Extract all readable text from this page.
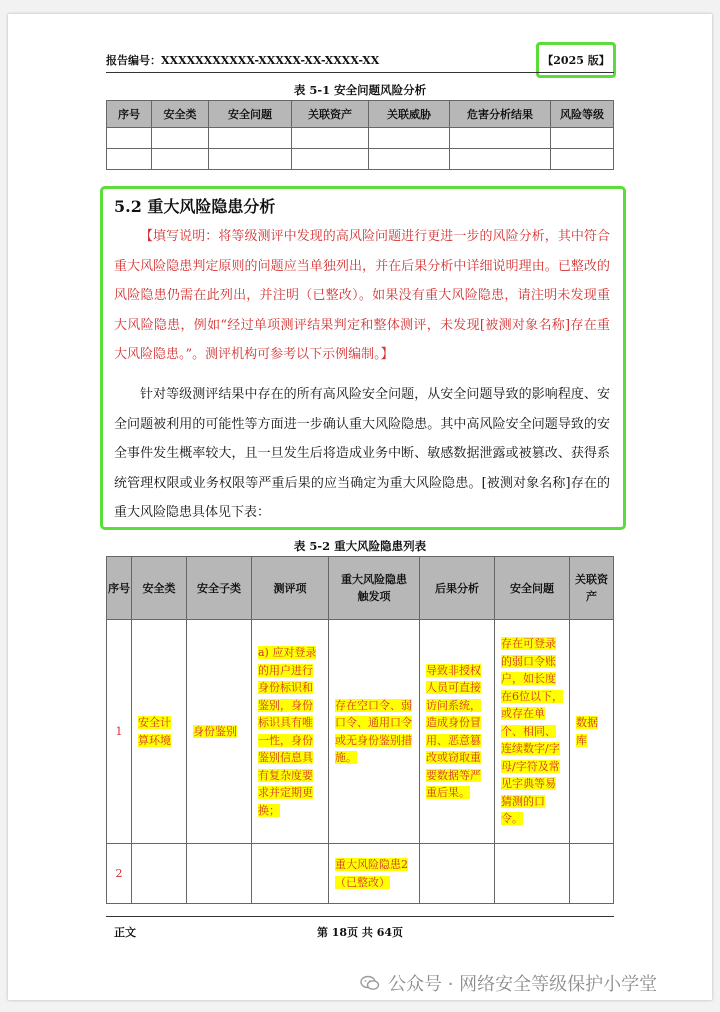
报告编号：XXXXXXXXXXX-XXXXX-XX-XXXX-XX	【2025 版】
表 5-1 安全问题风险分析
序号	安全类	安全问题	关联资产	关联威胁	危害分析结果	风险等级

5.2 重大风险隐患分析
【填写说明：将等级测评中发现的高风险问题进行更进一步的风险分析，其中符合重大风险隐患判定原则的问题应当单独列出，并在后果分析中详细说明理由。已整改的风险隐患仍需在此列出，并注明（已整改）。如果没有重大风险隐患，请注明未发现重大风险隐患，例如“经过单项测评结果判定和整体测评，未发现[被测对象名称]存在重大风险隐患。”。测评机构可参考以下示例编制。】
针对等级测评结果中存在的所有高风险安全问题，从安全问题导致的影响程度、安全问题被利用的可能性等方面进一步确认重大风险隐患。其中高风险安全问题导致的安全事件发生概率较大，且一旦发生后将造成业务中断、敏感数据泄露或被篡改、获得系统管理权限或业务权限等严重后果的应当确定为重大风险隐患。[被测对象名称]存在的重大风险隐患具体见下表：
表 5-2 重大风险隐患列表
序号	安全类	安全子类	测评项	重大风险隐患触发项	后果分析	安全问题	关联资产
1	安全计算环境	身份鉴别	a) 应对登录的用户进行身份标识和鉴别，身份标识具有唯一性，身份鉴别信息具有复杂度要求并定期更换；	存在空口令、弱口令、通用口令或无身份鉴别措施。	导致非授权人员可直接访问系统，造成身份冒用、恶意篡改或窃取重要数据等严重后果。	存在可登录的弱口令账户，如长度在6位以下，或存在单个、相同、连续数字/字母/字符及常见字典等易猜测的口令。	数据库
2				重大风险隐患2（已整改）			
正文	第 18页 共 64页
公众号 · 网络安全等级保护小学堂
